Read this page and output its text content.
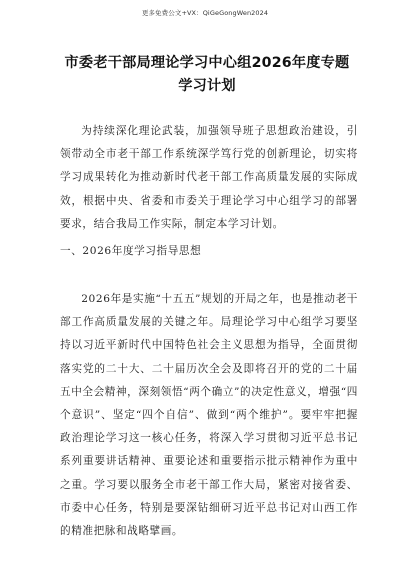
更多免费公文+VX：QiGeGongWen2024
市委老干部局理论学习中心组2026年度专题学习计划

为持续深化理论武装，加强领导班子思想政治建设，引领带动全市老干部工作系统深学笃行党的创新理论，切实将学习成果转化为推动新时代老干部工作高质量发展的实际成效，根据中央、省委和市委关于理论学习中心组学习的部署要求，结合我局工作实际，制定本学习计划。

一、2026年度学习指导思想

2026年是实施“十五五”规划的开局之年，也是推动老干部工作高质量发展的关键之年。局理论学习中心组学习要坚持以习近平新时代中国特色社会主义思想为指导，全面贯彻落实党的二十大、二十届历次全会及即将召开的党的二十届五中全会精神，深刻领悟“两个确立”的决定性意义，增强“四个意识”、坚定“四个自信”、做到“两个维护”。要牢牢把握政治理论学习这一核心任务，将深入学习贯彻习近平总书记系列重要讲话精神、重要论述和重要指示批示精神作为重中之重。学习要以服务全市老干部工作大局，紧密对接省委、市委中心任务，特别是要深钻细研习近平总书记对山西工作的精准把脉和战略擘画。
